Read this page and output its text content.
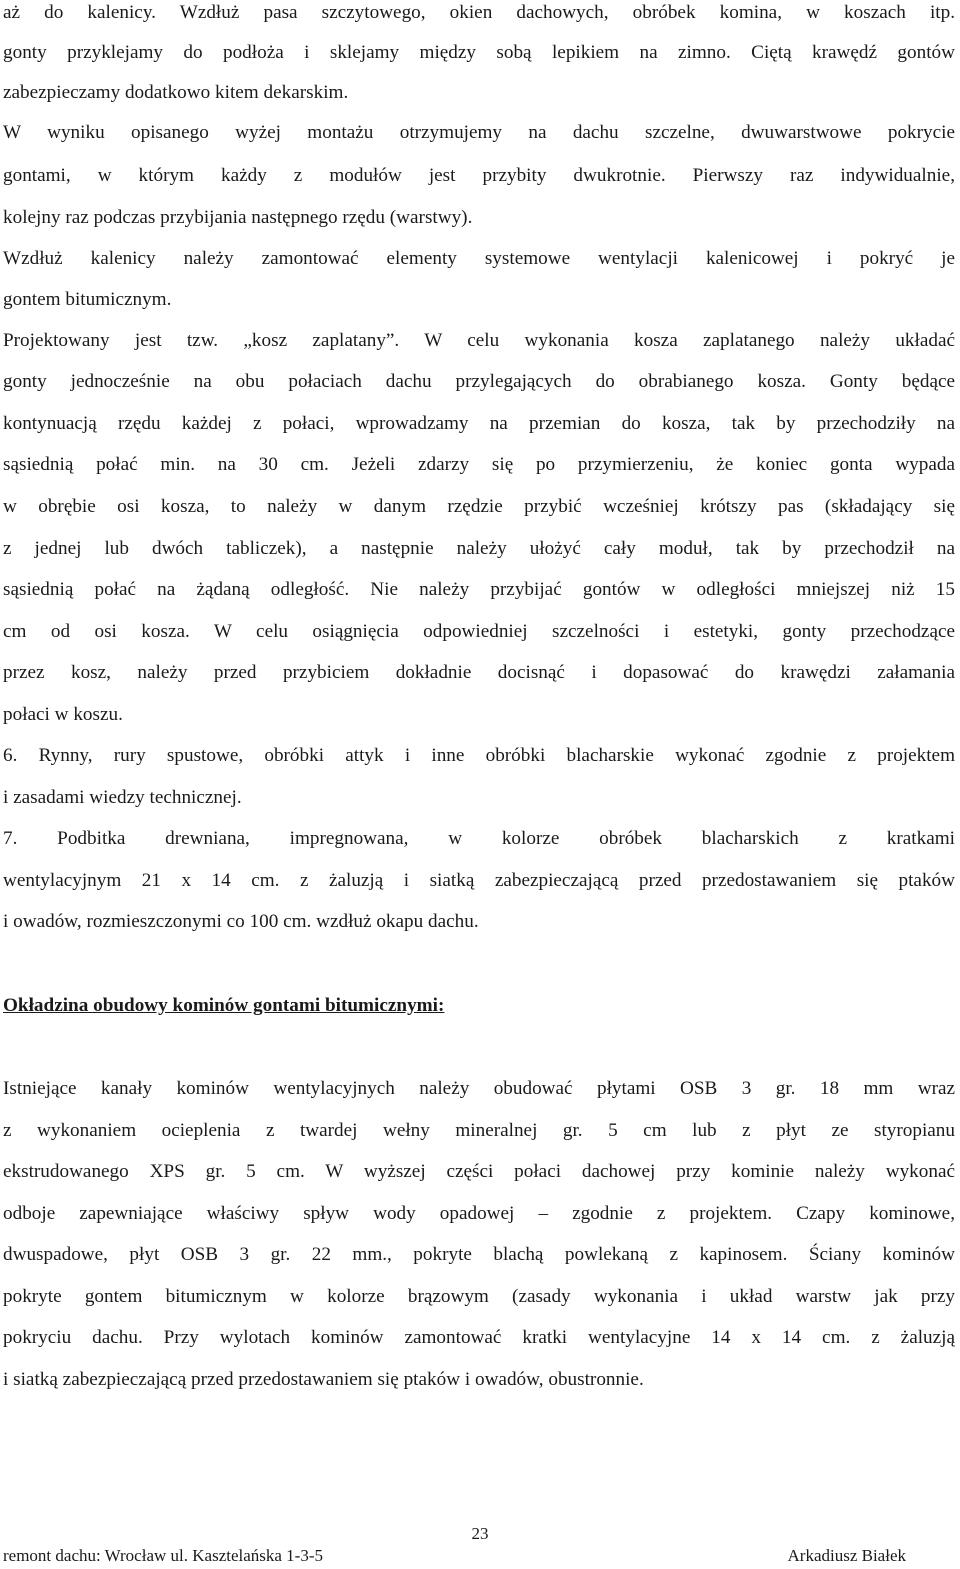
aż do kalenicy. Wzdłuż pasa szczytowego, okien dachowych, obróbek komina, w koszach itp.
gonty przyklejamy do podłoża i sklejamy między sobą lepikiem na zimno. Ciętą krawędź gontów
zabezpieczamy dodatkowo kitem dekarskim.
W wyniku opisanego wyżej montażu otrzymujemy na dachu szczelne, dwuwarstwowe pokrycie
gontami, w którym każdy z modułów jest przybity dwukrotnie. Pierwszy raz indywidualnie,
kolejny raz podczas przybijania następnego rzędu (warstwy).
Wzdłuż kalenicy należy zamontować elementy systemowe wentylacji kalenicowej i pokryć je
gontem bitumicznym.
Projektowany jest tzw. „kosz zaplatany”. W celu wykonania kosza zaplatanego należy układać
gonty jednocześnie na obu połaciach dachu przylegających do obrabianego kosza. Gonty będące
kontynuacją rzędu każdej z połaci, wprowadzamy na przemian do kosza, tak by przechodziły na
sąsiednią połać min. na 30 cm. Jeżeli zdarzy się po przymierzeniu, że koniec gonta wypada
w obrębie osi kosza, to należy w danym rzędzie przybić wcześniej krótszy pas (składający się
z jednej lub dwóch tabliczek), a następnie należy ułożyć cały moduł, tak by przechodził na
sąsiednią połać na żądaną odległość. Nie należy przybijać gontów w odległości mniejszej niż 15
cm od osi kosza. W celu osiągnięcia odpowiedniej szczelności i estetyki, gonty przechodzące
przez kosz, należy przed przybiciem dokładnie docisnąć i dopasować do krawędzi załamania
połaci w koszu.
6. Rynny, rury spustowe, obróbki attyk i inne obróbki blacharskie wykonać zgodnie z projektem
i zasadami wiedzy technicznej.
7. Podbitka drewniana, impregnowana, w kolorze obróbek blacharskich z kratkami
wentylacyjnym 21 x 14 cm. z żaluzją i siatką zabezpieczającą przed przedostawaniem się ptaków
i owadów, rozmieszczonymi co 100 cm. wzdłuż okapu dachu.
Okładzina obudowy kominów gontami bitumicznymi:
Istniejące kanały kominów wentylacyjnych należy obudować płytami OSB 3 gr. 18 mm wraz
z wykonaniem ocieplenia z twardej wełny mineralnej gr. 5 cm lub z płyt ze styropianu
ekstrudowanego XPS gr. 5 cm. W wyższej części połaci dachowej przy kominie należy wykonać
odboje zapewniające właściwy spływ wody opadowej – zgodnie z projektem. Czapy kominowe,
dwuspadowe, płyt OSB 3 gr. 22 mm., pokryte blachą powlekaną z kapinosem. Ściany kominów
pokryte gontem bitumicznym w kolorze brązowym (zasady wykonania i układ warstw jak przy
pokryciu dachu. Przy wylotach kominów zamontować kratki wentylacyjne 14 x 14 cm. z żaluzją
i siatką zabezpieczającą przed przedostawaniem się ptaków i owadów, obustronnie.
23
remont dachu: Wrocław ul. Kasztelańska 1-3-5	Arkadiusz Białek
